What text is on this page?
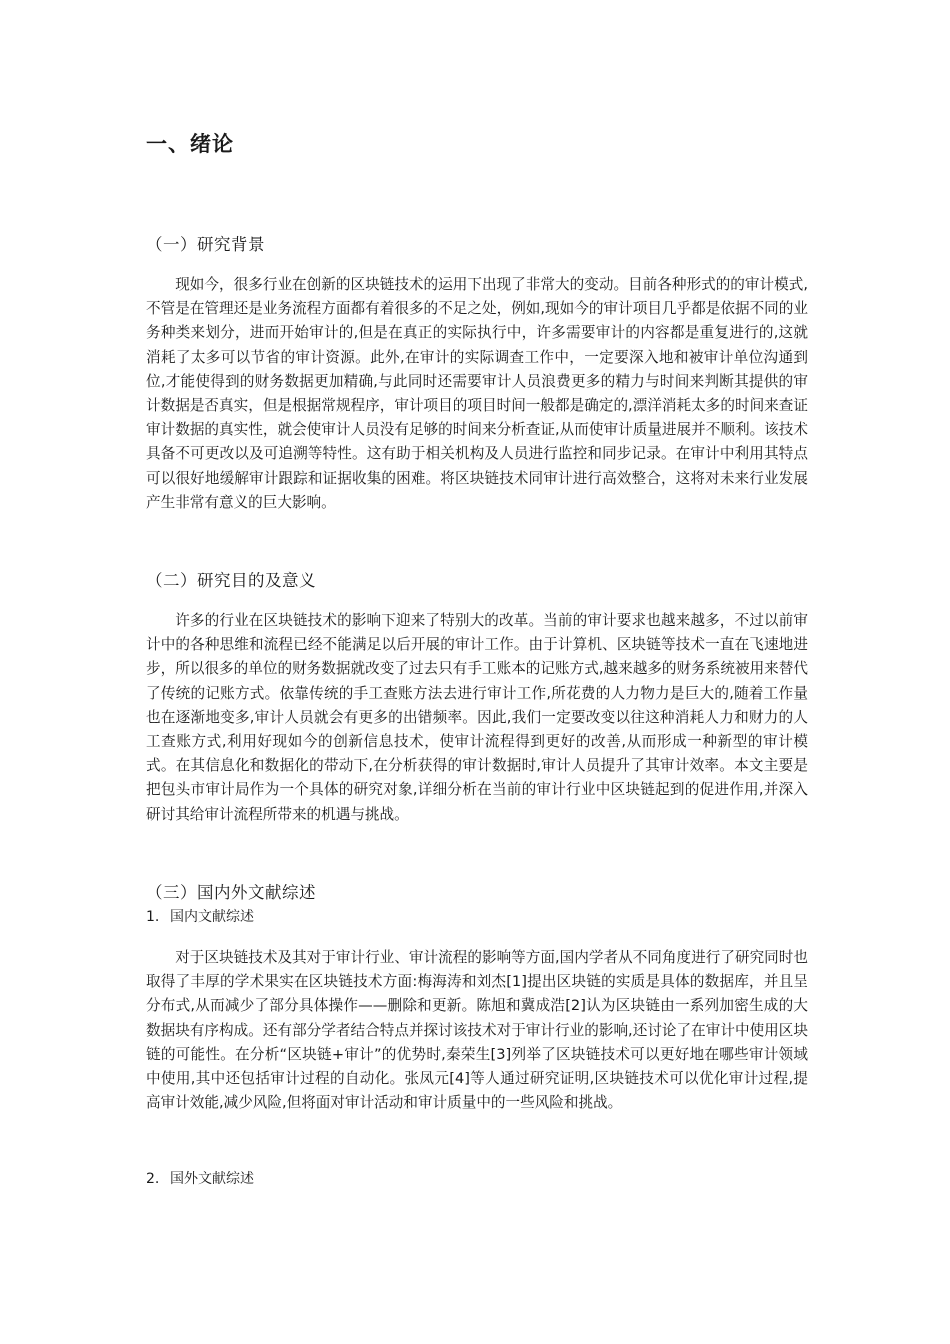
一、绪论
（一）研究背景

现如今，很多行业在创新的区块链技术的运用下出现了非常大的变动。目前各种形式的的审计模式,不管是在管理还是业务流程方面都有着很多的不足之处，例如,现如今的审计项目几乎都是依据不同的业务种类来划分，进而开始审计的,但是在真正的实际执行中，许多需要审计的内容都是重复进行的,这就消耗了太多可以节省的审计资源。此外,在审计的实际调查工作中，一定要深入地和被审计单位沟通到位,才能使得到的财务数据更加精确,与此同时还需要审计人员浪费更多的精力与时间来判断其提供的审计数据是否真实，但是根据常规程序，审计项目的项目时间一般都是确定的,漂洋消耗太多的时间来查证审计数据的真实性，就会使审计人员没有足够的时间来分析查证,从而使审计质量进展并不顺利。该技术具备不可更改以及可追溯等特性。这有助于相关机构及人员进行监控和同步记录。在审计中利用其特点可以很好地缓解审计跟踪和证据收集的困难。将区块链技术同审计进行高效整合，这将对未来行业发展产生非常有意义的巨大影响。

（二）研究目的及意义

许多的行业在区块链技术的影响下迎来了特别大的改革。当前的审计要求也越来越多，不过以前审计中的各种思维和流程已经不能满足以后开展的审计工作。由于计算机、区块链等技术一直在飞速地进步，所以很多的单位的财务数据就改变了过去只有手工账本的记账方式,越来越多的财务系统被用来替代了传统的记账方式。依靠传统的手工查账方法去进行审计工作,所花费的人力物力是巨大的,随着工作量也在逐渐地变多,审计人员就会有更多的出错频率。因此,我们一定要改变以往这种消耗人力和财力的人工查账方式,利用好现如今的创新信息技术，使审计流程得到更好的改善,从而形成一种新型的审计模式。在其信息化和数据化的带动下,在分析获得的审计数据时,审计人员提升了其审计效率。本文主要是把包头市审计局作为一个具体的研究对象,详细分析在当前的审计行业中区块链起到的促进作用,并深入研讨其给审计流程所带来的机遇与挑战。

（三）国内外文献综述
1. 国内文献综述

对于区块链技术及其对于审计行业、审计流程的影响等方面,国内学者从不同角度进行了研究同时也取得了丰厚的学术果实在区块链技术方面:梅海涛和刘杰[1]提出区块链的实质是具体的数据库，并且呈分布式,从而减少了部分具体操作——删除和更新。陈旭和冀成浩[2]认为区块链由一系列加密生成的大数据块有序构成。还有部分学者结合特点并探讨该技术对于审计行业的影响,还讨论了在审计中使用区块链的可能性。在分析“区块链+审计”的优势时,秦荣生[3]列举了区块链技术可以更好地在哪些审计领域中使用,其中还包括审计过程的自动化。张凤元[4]等人通过研究证明,区块链技术可以优化审计过程,提高审计效能,减少风险,但将面对审计活动和审计质量中的一些风险和挑战。

2. 国外文献综述
